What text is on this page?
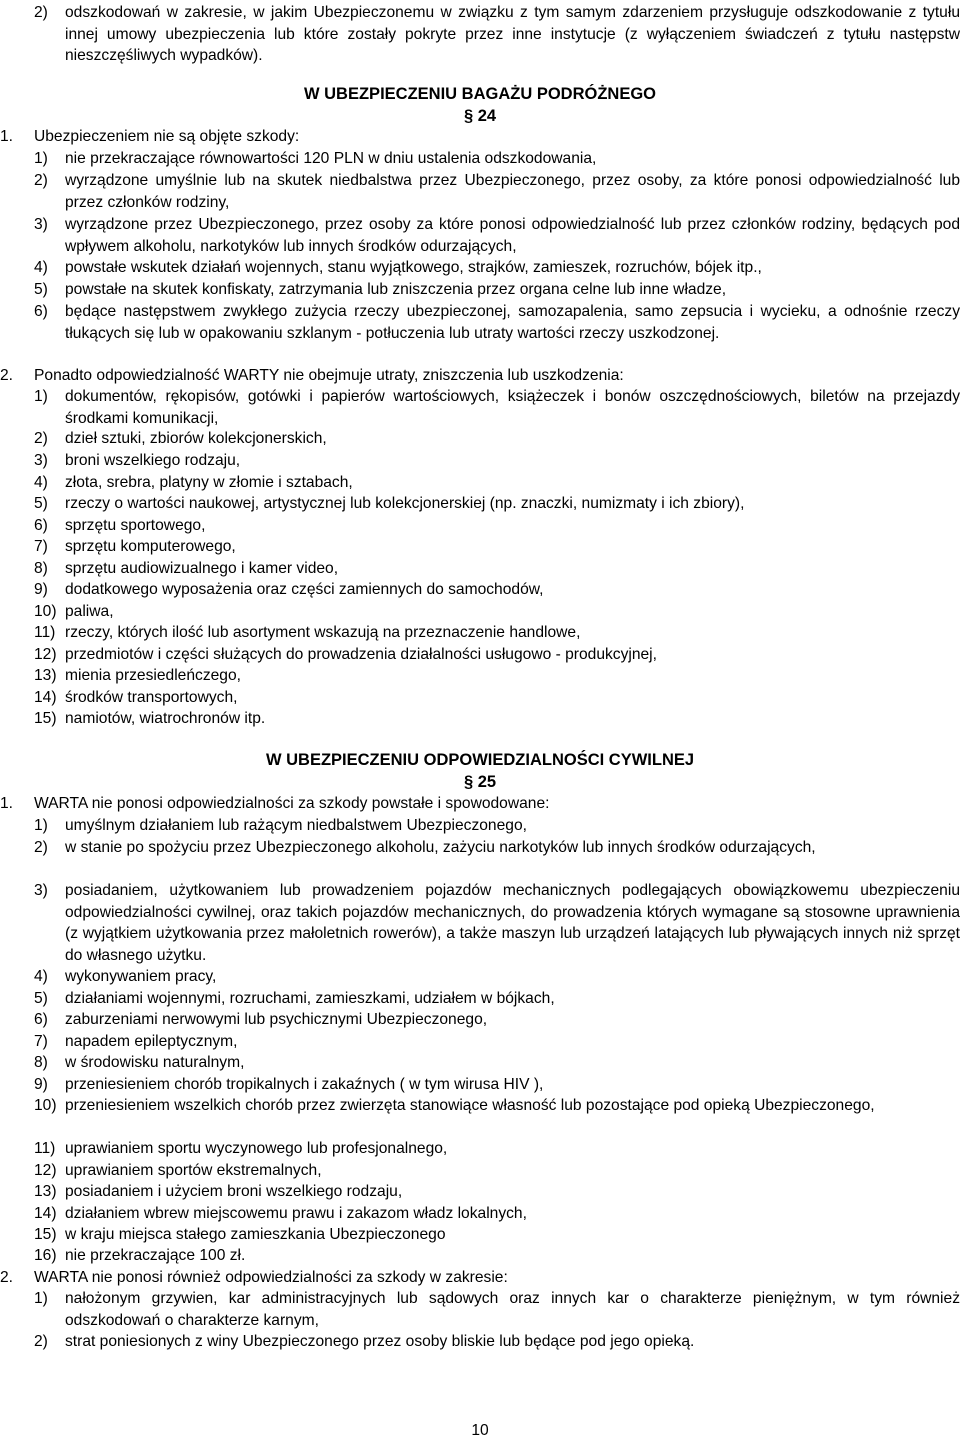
2)	odszkodowań w zakresie, w jakim Ubezpieczonemu w związku z tym samym zdarzeniem przysługuje odszkodowanie z tytułu innej umowy ubezpieczenia lub które zostały pokryte przez inne instytucje (z wyłączeniem świadczeń z tytułu następstw nieszczęśliwych wypadków).
W UBEZPIECZENIU BAGAŻU PODRÓŻNEGO
§ 24
1.	Ubezpieczeniem nie są objęte szkody:
1)	nie przekraczające równowartości 120 PLN w dniu ustalenia odszkodowania,
2)	wyrządzone umyślnie lub na skutek niedbalstwa przez Ubezpieczonego, przez osoby, za które ponosi odpowiedzialność lub przez członków rodziny,
3)	wyrządzone przez Ubezpieczonego, przez osoby za które ponosi odpowiedzialność lub przez członków rodziny, będących pod wpływem alkoholu, narkotyków lub innych środków odurzających,
4)	powstałe wskutek działań wojennych, stanu wyjątkowego, strajków, zamieszek, rozruchów, bójek itp.,
5)	powstałe na skutek konfiskaty, zatrzymania lub zniszczenia przez organa celne lub inne władze,
6)	będące następstwem zwykłego zużycia rzeczy ubezpieczonej, samozapalenia, samo zepsucia i wycieku, a odnośnie rzeczy tłukących się lub w opakowaniu szklanym - potłuczenia lub utraty wartości rzeczy uszkodzonej.
2.	Ponadto odpowiedzialność WARTY nie obejmuje utraty, zniszczenia lub uszkodzenia:
1)	dokumentów, rękopisów, gotówki i papierów wartościowych, książeczek i bonów oszczędnościowych, biletów na przejazdy środkami komunikacji,
2)	dzieł sztuki, zbiorów kolekcjonerskich,
3)	broni wszelkiego rodzaju,
4)	złota, srebra, platyny w złomie i sztabach,
5)	rzeczy o wartości naukowej, artystycznej lub kolekcjonerskiej (np. znaczki, numizmaty i ich zbiory),
6)	sprzętu sportowego,
7)	sprzętu komputerowego,
8)	sprzętu audiowizualnego i kamer video,
9)	dodatkowego wyposażenia oraz części zamiennych do samochodów,
10) paliwa,
11) rzeczy, których ilość lub asortyment wskazują na przeznaczenie handlowe,
12) przedmiotów i części służących do prowadzenia działalności usługowo - produkcyjnej,
13) mienia przesiedleńczego,
14) środków transportowych,
15) namiotów, wiatrochronów itp.
W UBEZPIECZENIU ODPOWIEDZIALNOŚCI CYWILNEJ
§ 25
1.	WARTA nie ponosi odpowiedzialności za szkody powstałe i spowodowane:
1)	umyślnym działaniem lub rażącym niedbalstwem Ubezpieczonego,
2)	w stanie po spożyciu przez Ubezpieczonego alkoholu, zażyciu narkotyków lub innych środków odurzających,
3)	posiadaniem, użytkowaniem lub prowadzeniem pojazdów mechanicznych podlegających obowiązkowemu ubezpieczeniu odpowiedzialności cywilnej, oraz takich pojazdów mechanicznych, do prowadzenia których wymagane są stosowne uprawnienia (z wyjątkiem użytkowania przez małoletnich rowerów), a także maszyn lub urządzeń latających lub pływających innych niż sprzęt do własnego użytku.
4)	wykonywaniem pracy,
5)	działaniami wojennymi, rozruchami, zamieszkami, udziałem w bójkach,
6)	zaburzeniami nerwowymi lub psychicznymi Ubezpieczonego,
7)	napadem epileptycznym,
8)	w środowisku naturalnym,
9)	przeniesieniem chorób tropikalnych i zakaźnych ( w tym wirusa HIV ),
10) przeniesieniem wszelkich chorób przez zwierzęta stanowiące własność lub pozostające pod opieką Ubezpieczonego,
11) uprawianiem sportu wyczynowego lub profesjonalnego,
12) uprawianiem sportów ekstremalnych,
13) posiadaniem i użyciem broni wszelkiego rodzaju,
14) działaniem wbrew miejscowemu prawu i zakazom władz lokalnych,
15) w kraju miejsca stałego zamieszkania Ubezpieczonego
16) nie przekraczające 100 zł.
2.	WARTA nie ponosi również odpowiedzialności za szkody w zakresie:
1)	nałożonym grzywien, kar administracyjnych lub sądowych oraz innych kar o charakterze pieniężnym, w tym również odszkodowań o charakterze karnym,
2)	strat poniesionych z winy Ubezpieczonego przez osoby bliskie lub będące pod jego opieką.
10
